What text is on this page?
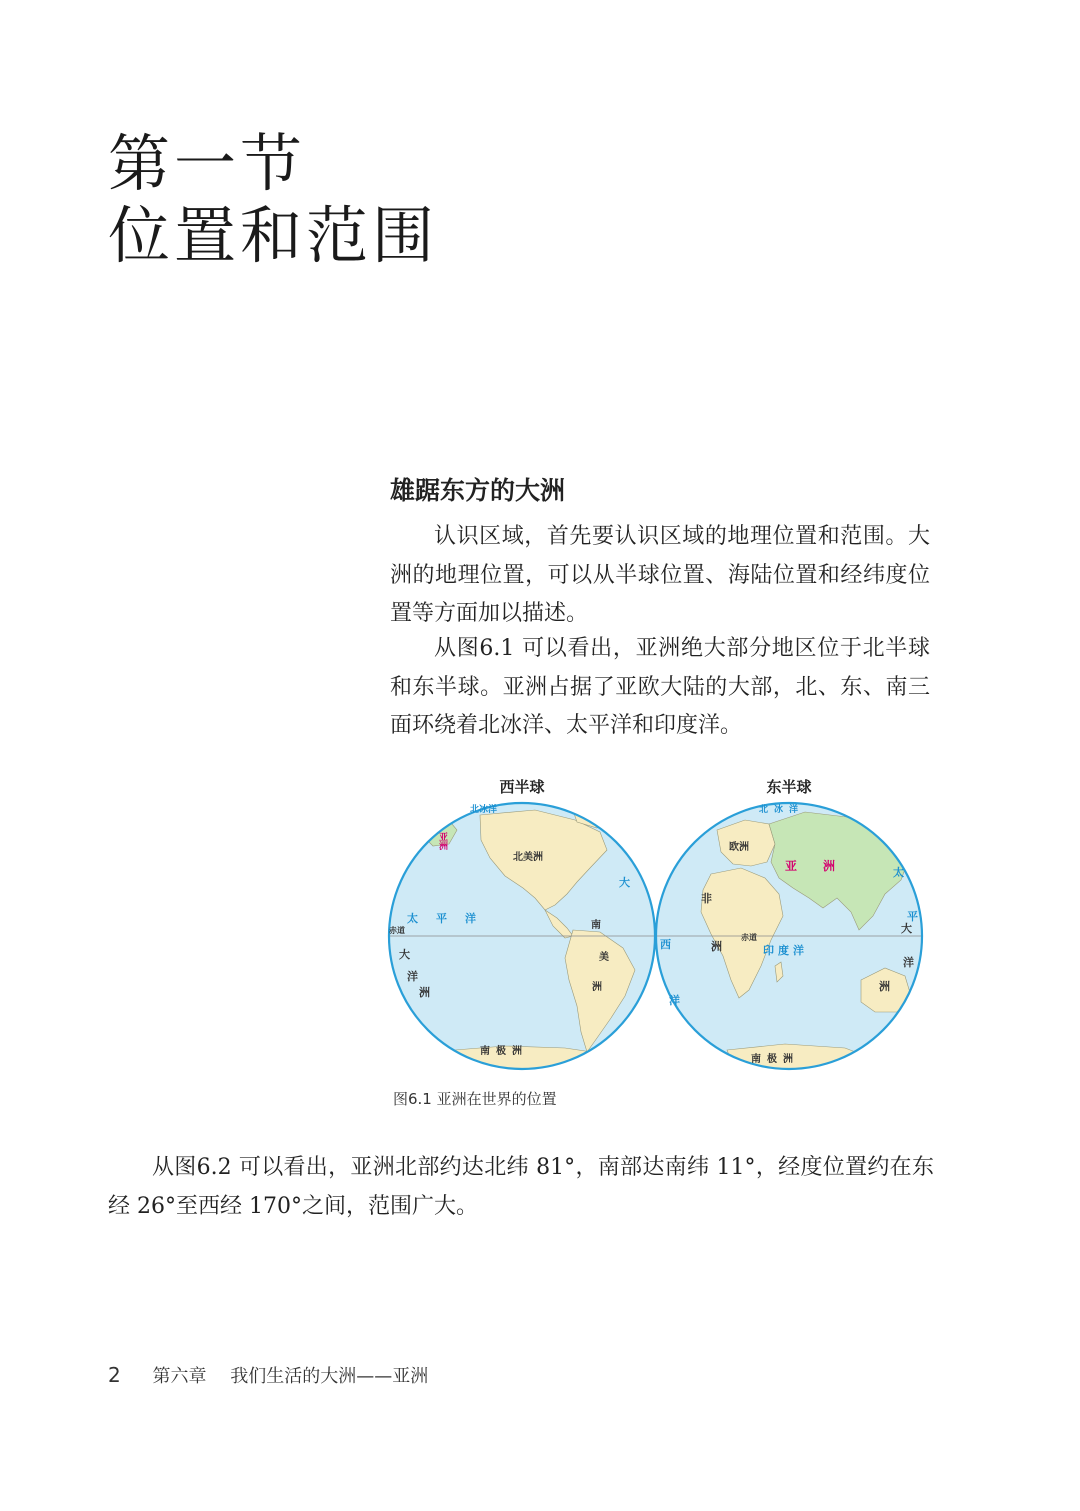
第一节
位置和范围
雄踞东方的大洲

认识区域，首先要认识区域的地理位置和范围。大洲的地理位置，可以从半球位置、海陆位置和经纬度位置等方面加以描述。

从图6.1 可以看出，亚洲绝大部分地区位于北半球和东半球。亚洲占据了亚欧大陆的大部，北、东、南三面环绕着北冰洋、太平洋和印度洋。

西半球	东半球
亚洲
北冰洋
北美洲
大
太平洋
赤道
大
洋
洲
南
美
洲
南极洲
北冰洋
欧洲
亚洲
非
洲
西
洋
赤道
印度洋
太
平
大
洋
洲
南极洲
图6.1 亚洲在世界的位置

从图6.2 可以看出，亚洲北部约达北纬 81°，南部达南纬 11°，经度位置约在东经 26°至西经 170°之间，范围广大。

2 第六章 我们生活的大洲——亚洲
